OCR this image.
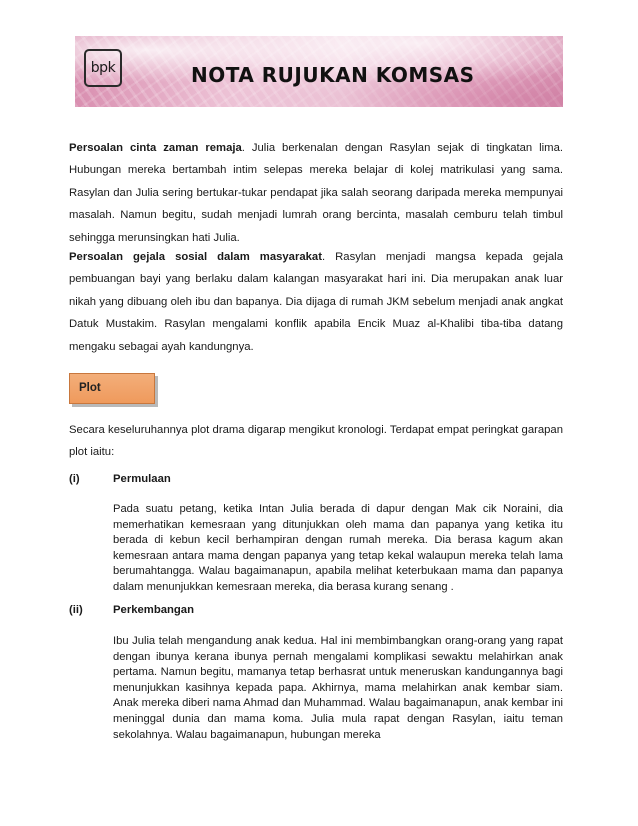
bpk	NOTA RUJUKAN KOMSAS

Persoalan cinta zaman remaja. Julia berkenalan dengan Rasylan sejak di tingkatan lima. Hubungan mereka bertambah intim selepas mereka belajar di kolej matrikulasi yang sama. Rasylan dan Julia sering bertukar-tukar pendapat jika salah seorang daripada mereka mempunyai masalah. Namun begitu, sudah menjadi lumrah orang bercinta, masalah cemburu telah timbul sehingga merunsingkan hati Julia.

Persoalan gejala sosial dalam masyarakat. Rasylan menjadi mangsa kepada gejala pembuangan bayi yang berlaku dalam kalangan masyarakat hari ini. Dia merupakan anak luar nikah yang dibuang oleh ibu dan bapanya. Dia dijaga di rumah JKM sebelum menjadi anak angkat Datuk Mustakim. Rasylan mengalami konflik apabila Encik Muaz al-Khalibi tiba-tiba datang mengaku sebagai ayah kandungnya.

Plot

Secara keseluruhannya plot drama digarap mengikut kronologi. Terdapat empat peringkat garapan plot iaitu:

(i)	Permulaan

Pada suatu petang, ketika Intan Julia berada di dapur dengan Mak cik Noraini, dia memerhatikan kemesraan yang ditunjukkan oleh mama dan papanya yang ketika itu berada di kebun kecil berhampiran dengan rumah mereka. Dia berasa kagum akan kemesraan antara mama dengan papanya yang tetap kekal walaupun mereka telah lama berumahtangga. Walau bagaimanapun, apabila melihat keterbukaan mama dan papanya dalam menunjukkan kemesraan mereka, dia berasa kurang senang .

(ii)	Perkembangan

Ibu Julia telah mengandung anak kedua. Hal ini membimbangkan orang-orang yang rapat dengan ibunya kerana ibunya pernah mengalami komplikasi sewaktu melahirkan anak pertama. Namun begitu, mamanya tetap berhasrat untuk meneruskan kandungannya bagi menunjukkan kasihnya kepada papa. Akhirnya, mama melahirkan anak kembar siam. Anak mereka diberi nama Ahmad dan Muhammad. Walau bagaimanapun, anak kembar ini meninggal dunia dan mama koma. Julia mula rapat dengan Rasylan, iaitu teman sekolahnya. Walau bagaimanapun, hubungan mereka
